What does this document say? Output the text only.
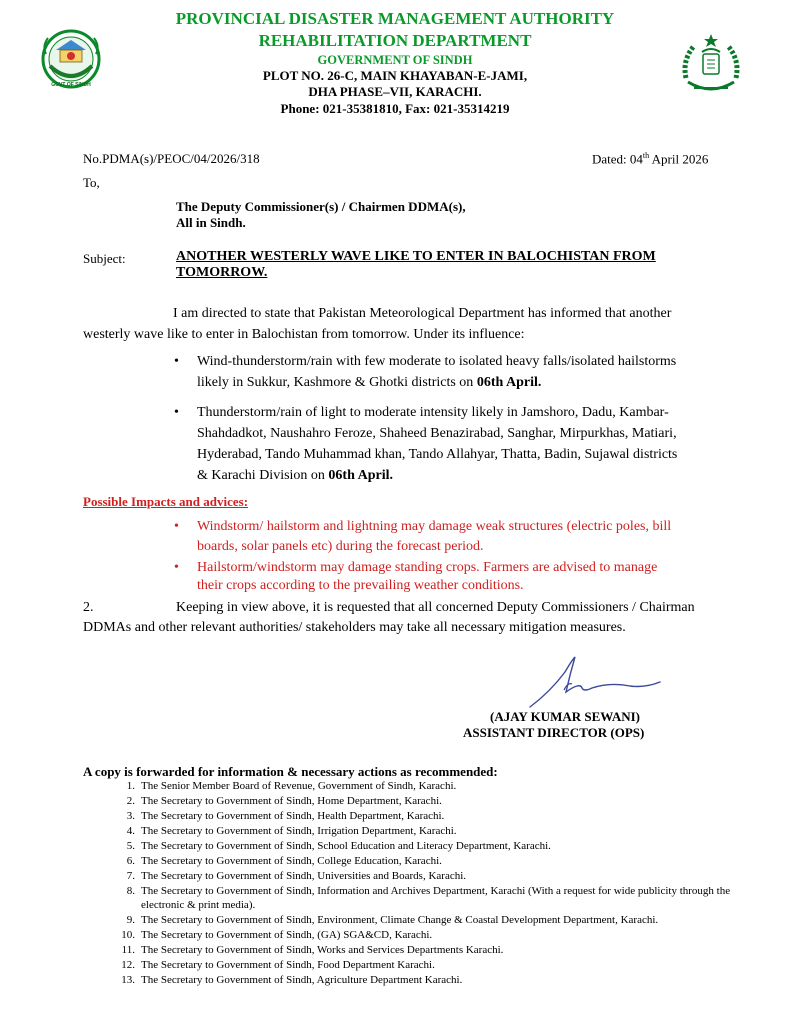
GOVT OF SINDH
PROVINCIAL DISASTER MANAGEMENT AUTHORITY
REHABILITATION DEPARTMENT
GOVERNMENT OF SINDH
PLOT NO. 26-C, MAIN KHAYABAN-E-JAMI,
DHA PHASE–VII, KARACHI.
Phone: 021-35381810, Fax: 021-35314219
No.PDMA(s)/PEOC/04/2026/318	Dated: 04th April 2026
To,
The Deputy Commissioner(s) / Chairmen DDMA(s),
All in Sindh.
Subject:	ANOTHER WESTERLY WAVE LIKE TO ENTER IN BALOCHISTAN FROM
TOMORROW.
I am directed to state that Pakistan Meteorological Department has informed that another
westerly wave like to enter in Balochistan from tomorrow. Under its influence:
• Wind-thunderstorm/rain with few moderate to isolated heavy falls/isolated hailstorms
likely in Sukkur, Kashmore & Ghotki districts on 06th April.
• Thunderstorm/rain of light to moderate intensity likely in Jamshoro, Dadu, Kambar-
Shahdadkot, Naushahro Feroze, Shaheed Benazirabad, Sanghar, Mirpurkhas, Matiari,
Hyderabad, Tando Muhammad khan, Tando Allahyar, Thatta, Badin, Sujawal districts
& Karachi Division on 06th April.
Possible Impacts and advices:
• Windstorm/ hailstorm and lightning may damage weak structures (electric poles, bill
boards, solar panels etc) during the forecast period.
• Hailstorm/windstorm may damage standing crops. Farmers are advised to manage
their crops according to the prevailing weather conditions.
2.	Keeping in view above, it is requested that all concerned Deputy Commissioners / Chairman
DDMAs and other relevant authorities/ stakeholders may take all necessary mitigation measures.
(AJAY KUMAR SEWANI)
ASSISTANT DIRECTOR (OPS)
A copy is forwarded for information & necessary actions as recommended:
1. The Senior Member Board of Revenue, Government of Sindh, Karachi.
2. The Secretary to Government of Sindh, Home Department, Karachi.
3. The Secretary to Government of Sindh, Health Department, Karachi.
4. The Secretary to Government of Sindh, Irrigation Department, Karachi.
5. The Secretary to Government of Sindh, School Education and Literacy Department, Karachi.
6. The Secretary to Government of Sindh, College Education, Karachi.
7. The Secretary to Government of Sindh, Universities and Boards, Karachi.
8. The Secretary to Government of Sindh, Information and Archives Department, Karachi (With a request for wide publicity through the electronic & print media).
9. The Secretary to Government of Sindh, Environment, Climate Change & Coastal Development Department, Karachi.
10. The Secretary to Government of Sindh, (GA) SGA&CD, Karachi.
11. The Secretary to Government of Sindh, Works and Services Departments Karachi.
12. The Secretary to Government of Sindh, Food Department Karachi.
13. The Secretary to Government of Sindh, Agriculture Department Karachi.
